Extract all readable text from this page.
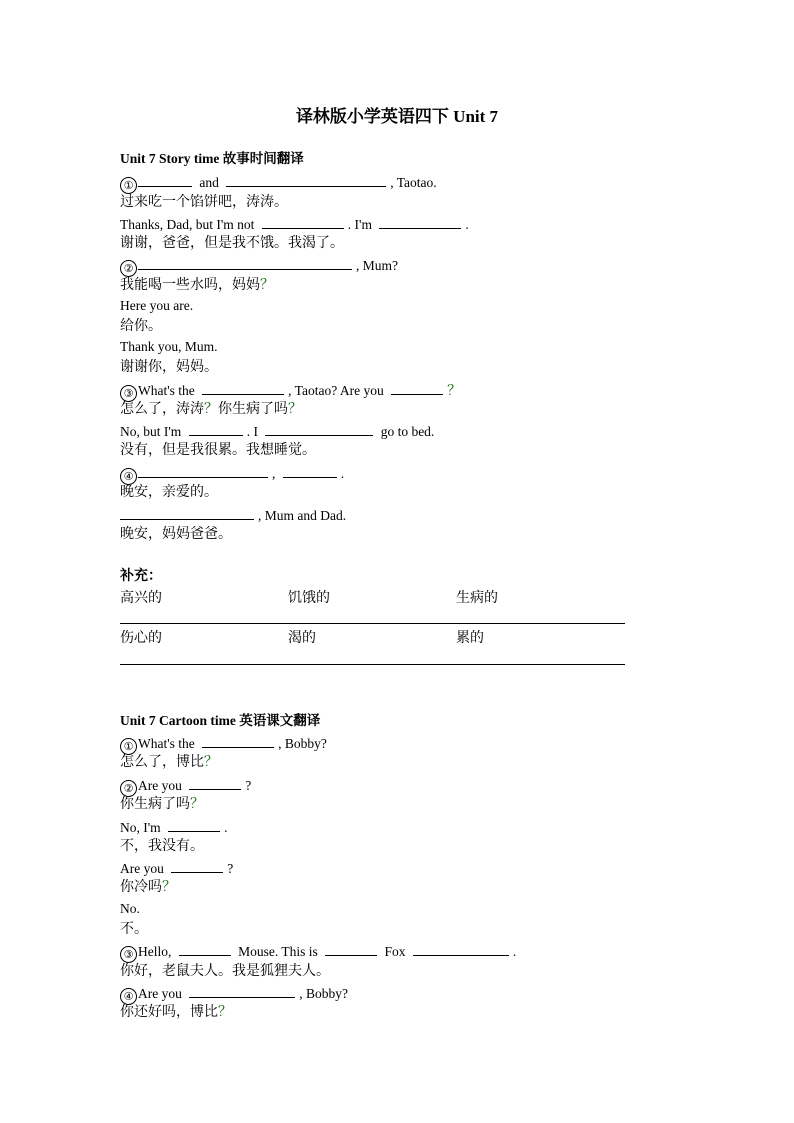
译林版小学英语四下 Unit 7
Unit 7 Story time 故事时间翻译
①	and	, Taotao.
过来吃一个馅饼吧，涛涛。
Thanks, Dad, but I'm not	. I'm	.
谢谢，爸爸，但是我不饿。我渴了。
②	, Mum?
我能喝一些水吗，妈妈？
Here you are.
给你。
Thank you, Mum.
谢谢你，妈妈。
③ What's the	, Taotao? Are you	？
怎么了，涛涛？你生病了吗？
No, but I'm	. I	go to bed.
没有，但是我很累。我想睡觉。
④	,	.
晚安，亲爱的。
, Mum and Dad.
晚安，妈妈爸爸。
补充：
高兴的	饥饿的	生病的
伤心的	渴的	累的
Unit 7 Cartoon time 英语课文翻译
① What's the	, Bobby?
怎么了，博比？
② Are you	?
你生病了吗？
No, I'm	.
不，我没有。
Are you	?
你冷吗？
No.
不。
③ Hello,	Mouse. This is	Fox	.
你好，老鼠夫人。我是狐狸夫人。
④ Are you	, Bobby?
你还好吗，博比？
